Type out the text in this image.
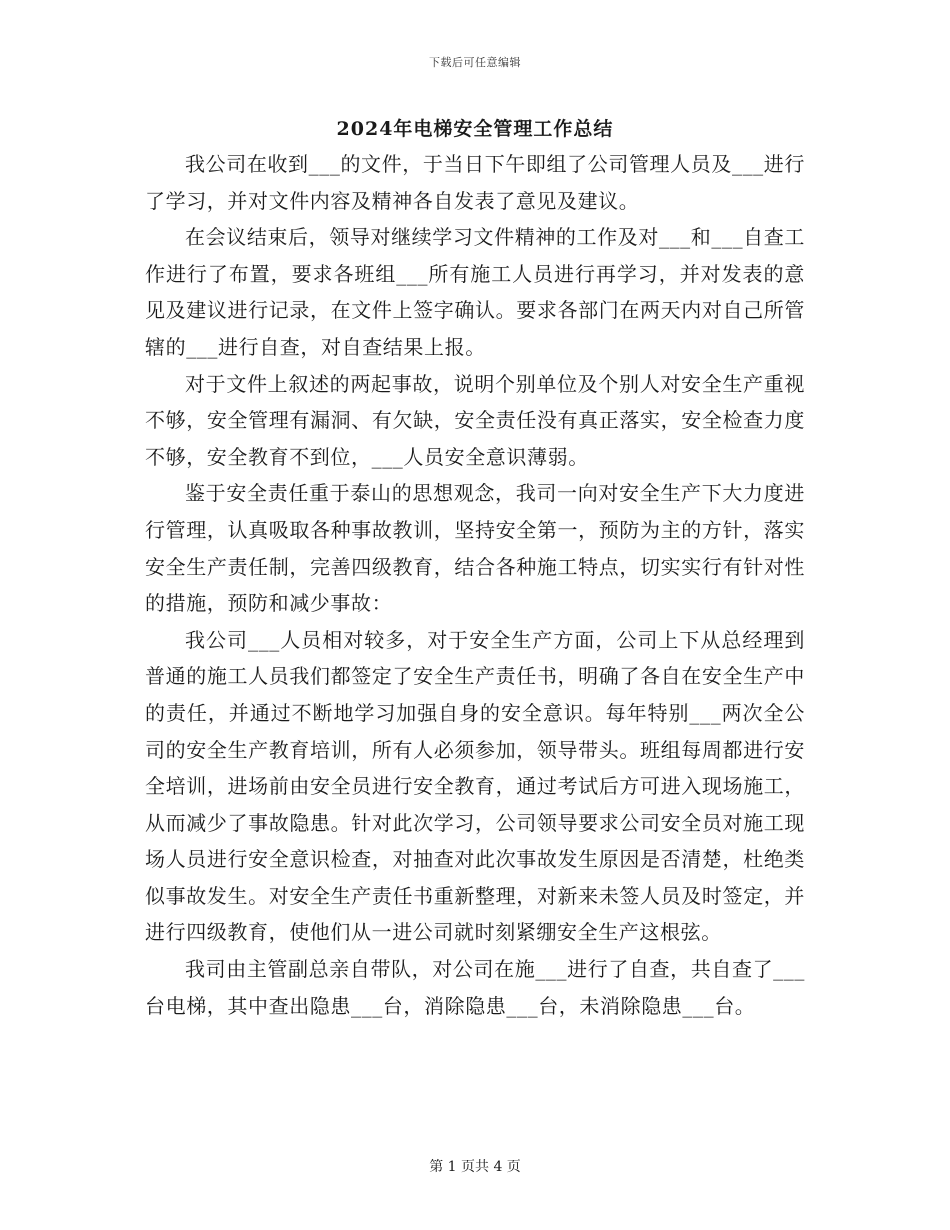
下载后可任意编辑
2024年电梯安全管理工作总结

我公司在收到___的文件，于当日下午即组了公司管理人员及___进行了学习，并对文件内容及精神各自发表了意见及建议。

在会议结束后，领导对继续学习文件精神的工作及对___和___自查工作进行了布置，要求各班组___所有施工人员进行再学习，并对发表的意见及建议进行记录，在文件上签字确认。要求各部门在两天内对自己所管辖的___进行自查，对自查结果上报。

对于文件上叙述的两起事故，说明个别单位及个别人对安全生产重视不够，安全管理有漏洞、有欠缺，安全责任没有真正落实，安全检查力度不够，安全教育不到位，___人员安全意识薄弱。

鉴于安全责任重于泰山的思想观念，我司一向对安全生产下大力度进行管理，认真吸取各种事故教训，坚持安全第一，预防为主的方针，落实安全生产责任制，完善四级教育，结合各种施工特点，切实实行有针对性的措施，预防和减少事故：

我公司___人员相对较多，对于安全生产方面，公司上下从总经理到普通的施工人员我们都签定了安全生产责任书，明确了各自在安全生产中的责任，并通过不断地学习加强自身的安全意识。每年特别___两次全公司的安全生产教育培训，所有人必须参加，领导带头。班组每周都进行安全培训，进场前由安全员进行安全教育，通过考试后方可进入现场施工，从而减少了事故隐患。针对此次学习，公司领导要求公司安全员对施工现场人员进行安全意识检查，对抽查对此次事故发生原因是否清楚，杜绝类似事故发生。对安全生产责任书重新整理，对新来未签人员及时签定，并进行四级教育，使他们从一进公司就时刻紧绷安全生产这根弦。

我司由主管副总亲自带队，对公司在施___进行了自查，共自查了___台电梯，其中查出隐患___台，消除隐患___台，未消除隐患___台。

第 1 页共 4 页
